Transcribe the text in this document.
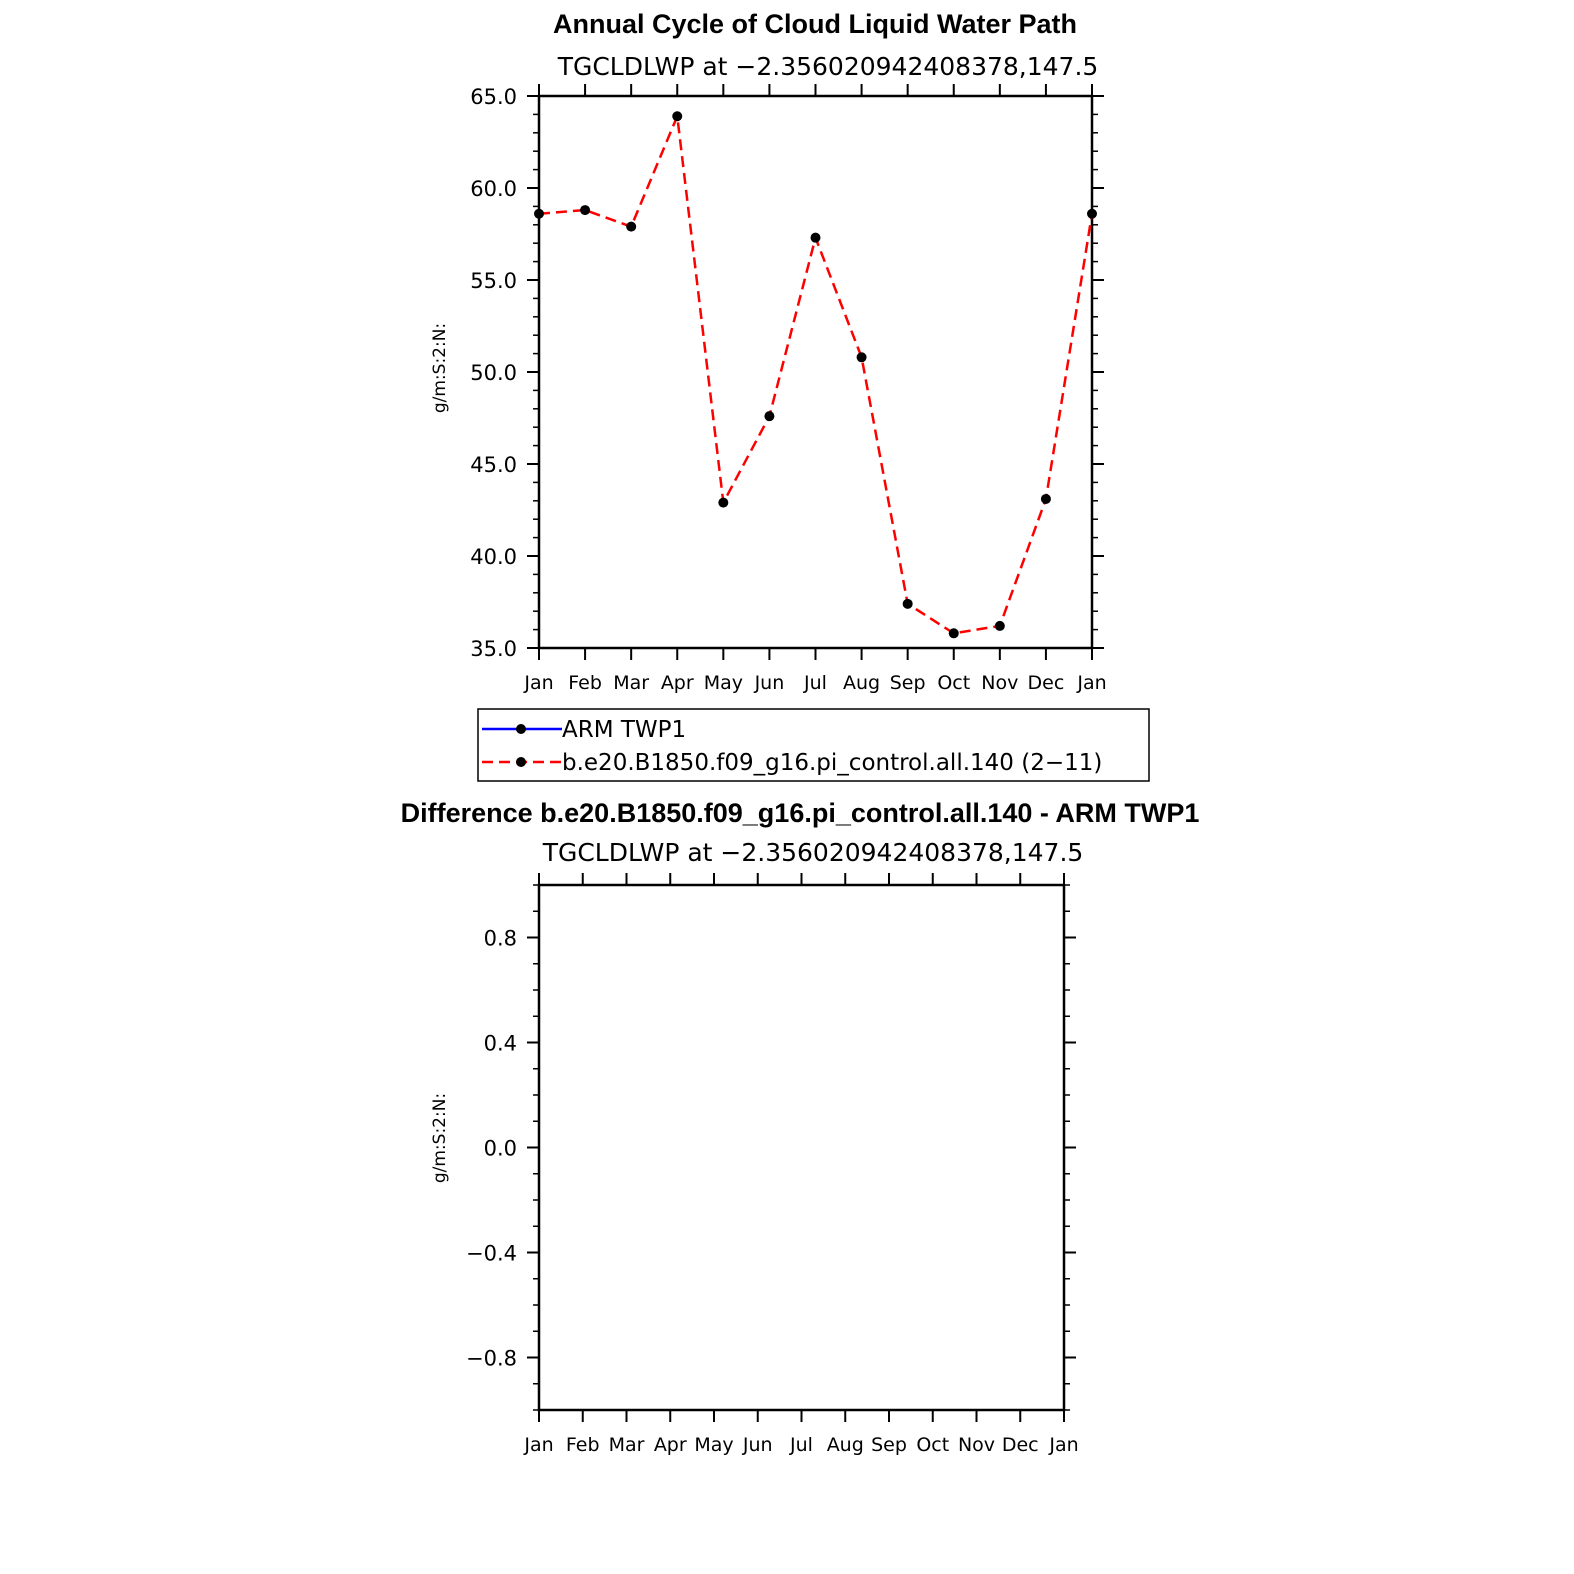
Annual Cycle of Cloud Liquid Water Path
TGCLDLWP at −2.356020942408378,147.5
g/m:S:2:N:
35.0
40.0
45.0
50.0
55.0
60.0
65.0
Jan Feb Mar Apr May Jun Jul Aug Sep Oct Nov Dec Jan
ARM TWP1
b.e20.B1850.f09_g16.pi_control.all.140 (2−11)
Difference b.e20.B1850.f09_g16.pi_control.all.140 - ARM TWP1
TGCLDLWP at −2.356020942408378,147.5
g/m:S:2:N:
−0.8
−0.4
0.0
0.4
0.8
Jan Feb Mar Apr May Jun Jul Aug Sep Oct Nov Dec Jan
